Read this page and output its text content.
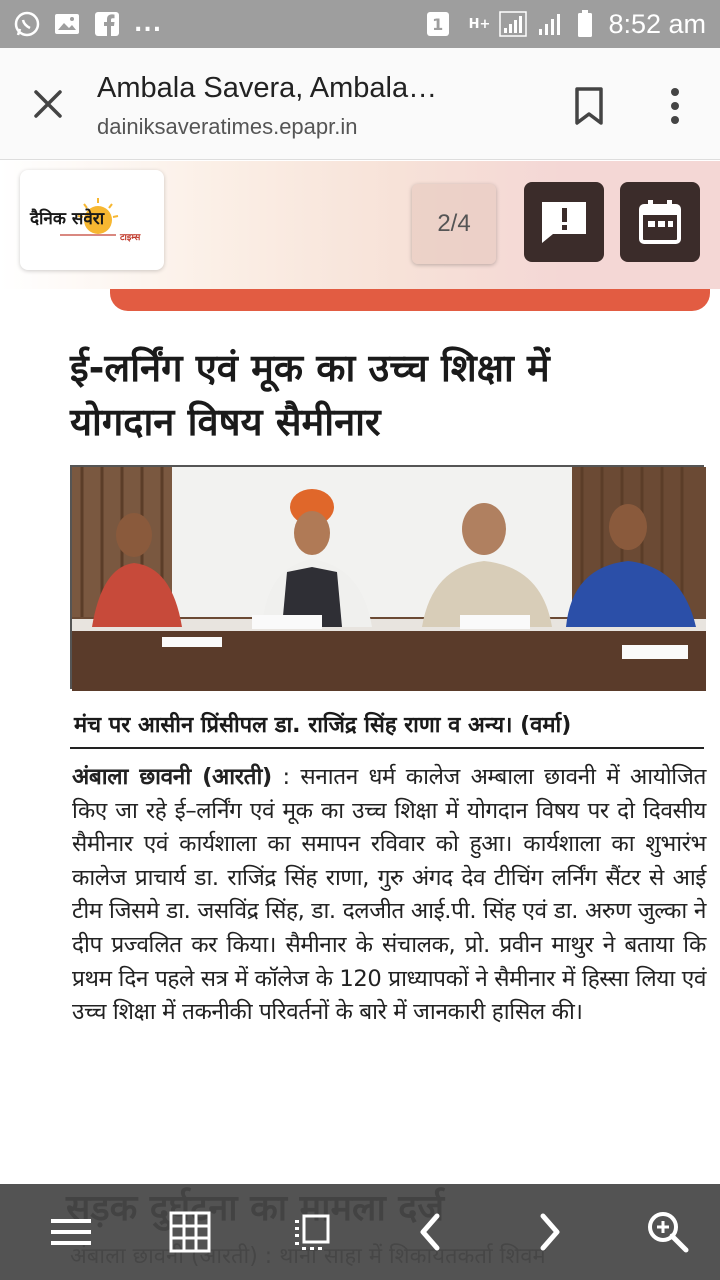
...	1	H+	8:52 am
Ambala Savera, Ambala…
dainiksaveratimes.epapr.in
दैनिक सवेरा
टाइम्स
2/4
ई-लर्निंग एवं मूक का उच्च शिक्षा में
योगदान विषय सैमीनार
मंच पर आसीन प्रिंसीपल डा. राजिंद्र सिंह राणा व अन्य। (वर्मा)
अंबाला छावनी (आरती) : सनातन धर्म कालेज अम्बाला छावनी में आयोजित किए जा रहे ई–लर्निंग एवं मूक का उच्च शिक्षा में योगदान विषय पर दो दिवसीय सैमीनार एवं कार्यशाला का समापन रविवार को हुआ। कार्यशाला का शुभारंभ कालेज प्राचार्य डा. राजिंद्र सिंह राणा, गुरु अंगद देव टीचिंग लर्निंग सैंटर से आई टीम जिसमे डा. जसविंद्र सिंह, डा. दलजीत आई.पी. सिंह एवं डा. अरुण जुल्का ने दीप प्रज्वलित कर किया। सैमीनार के संचालक, प्रो. प्रवीन माथुर ने बताया कि प्रथम दिन पहले सत्र में कॉलेज के 120 प्राध्यापकों ने सैमीनार में हिस्सा लिया एवं उच्च शिक्षा में तकनीकी परिवर्तनों के बारे में जानकारी हासिल की।
